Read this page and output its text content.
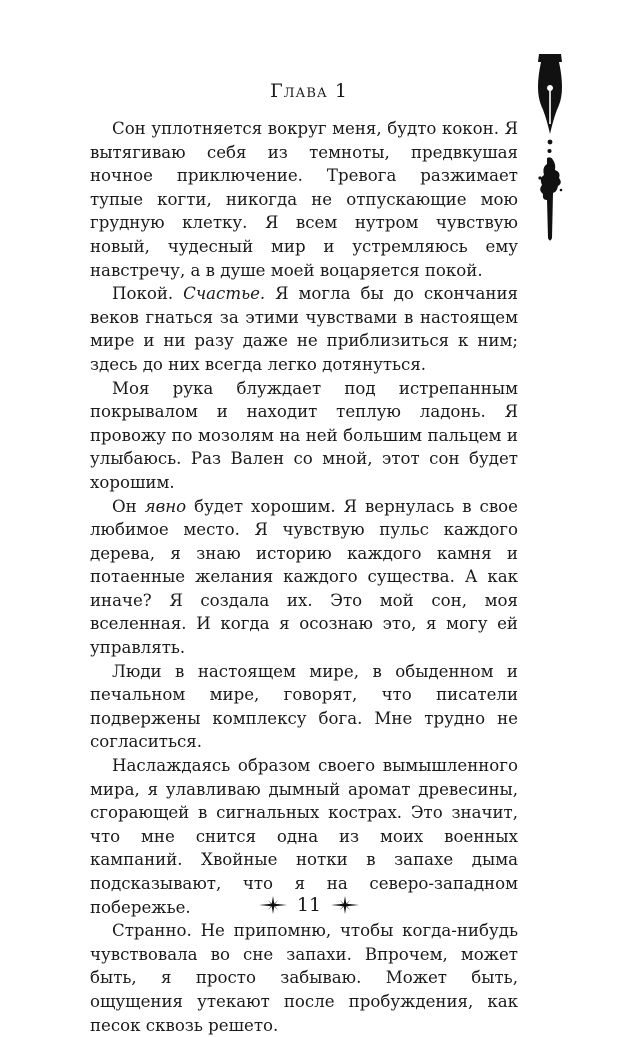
Глава 1

Сон уплотняется вокруг меня, будто кокон. Я вытягиваю себя из темноты, предвкушая ночное приключение. Тревога разжимает тупые когти, никогда не отпускающие мою грудную клетку. Я всем нутром чувствую новый, чудесный мир и устремляюсь ему навстречу, а в душе моей воцаряется покой.

Покой. Счастье. Я могла бы до скончания веков гнаться за этими чувствами в настоящем мире и ни разу даже не приблизиться к ним; здесь до них всегда легко дотянуться.

Моя рука блуждает под истрепанным покрывалом и находит теплую ладонь. Я провожу по мозолям на ней большим пальцем и улыбаюсь. Раз Вален со мной, этот сон будет хорошим.

Он явно будет хорошим. Я вернулась в свое любимое место. Я чувствую пульс каждого дерева, я знаю историю каждого камня и потаенные желания каждого существа. А как иначе? Я создала их. Это мой сон, моя вселенная. И когда я осознаю это, я могу ей управлять.

Люди в настоящем мире, в обыденном и печальном мире, говорят, что писатели подвержены комплексу бога. Мне трудно не согласиться.

Наслаждаясь образом своего вымышленного мира, я улавливаю дымный аромат древесины, сгорающей в сигнальных кострах. Это значит, что мне снится одна из моих военных кампаний. Хвойные нотки в запахе дыма подсказывают, что я на северо-западном побережье.

Странно. Не припомню, чтобы когда-нибудь чувствовала во сне запахи. Впрочем, может быть, я просто забываю. Может быть, ощущения утекают после пробуждения, как песок сквозь решето.

11
